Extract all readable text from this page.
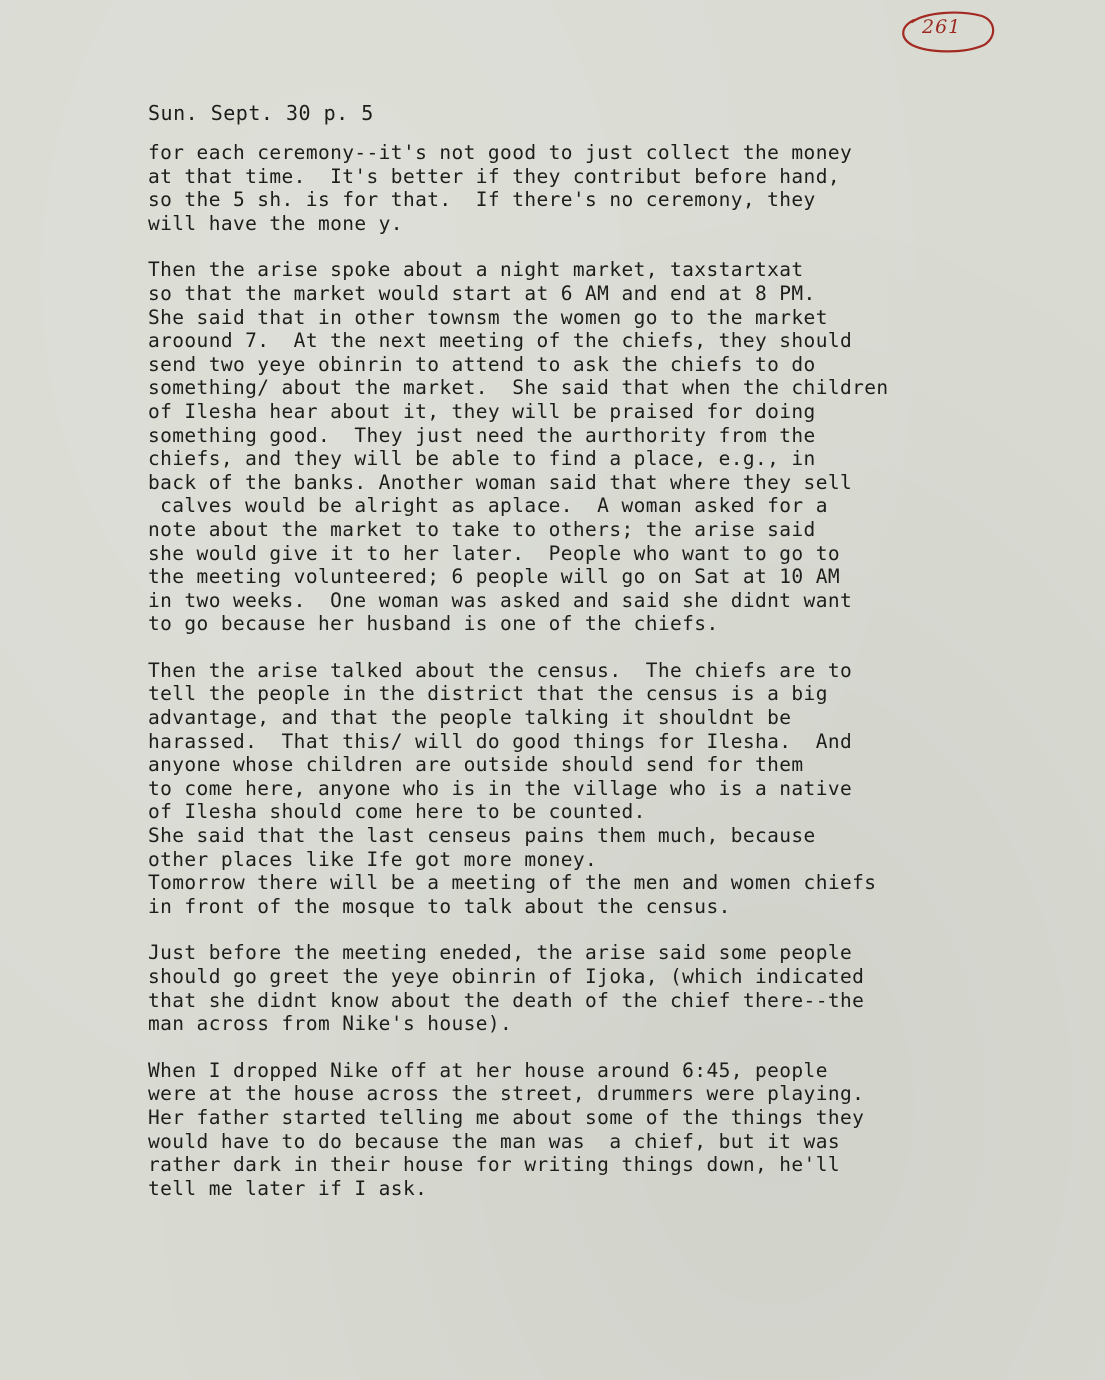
261
Sun. Sept. 30 p. 5
for each ceremony--it's not good to just collect the money
at that time.  It's better if they contribut before hand,
so the 5 sh. is for that.  If there's no ceremony, they
will have the mone y.
Then the arise spoke about a night market, taxstartxat
so that the market would start at 6 AM and end at 8 PM.
She said that in other townsm the women go to the market
aroound 7.  At the next meeting of the chiefs, they should
send two yeye obinrin to attend to ask the chiefs to do
something/ about the market.  She said that when the children
of Ilesha hear about it, they will be praised for doing
something good.  They just need the aurthority from the
chiefs, and they will be able to find a place, e.g., in
back of the banks. Another woman said that where they sell
calves would be alright as aplace.  A woman asked for a
note about the market to take to others; the arise said
she would give it to her later.  People who want to go to
the meeting volunteered; 6 people will go on Sat at 10 AM
in two weeks.  One woman was asked and said she didnt want
to go because her husband is one of the chiefs.
Then the arise talked about the census.  The chiefs are to
tell the people in the district that the census is a big
advantage, and that the people talking it shouldnt be
harassed.  That this/ will do good things for Ilesha.  And
anyone whose children are outside should send for them
to come here, anyone who is in the village who is a native
of Ilesha should come here to be counted.
She said that the last censeus pains them much, because
other places like Ife got more money.
Tomorrow there will be a meeting of the men and women chiefs
in front of the mosque to talk about the census.
Just before the meeting eneded, the arise said some people
should go greet the yeye obinrin of Ijoka, (which indicated
that she didnt know about the death of the chief there--the
man across from Nike's house).
When I dropped Nike off at her house around 6:45, people
were at the house across the street, drummers were playing.
Her father started telling me about some of the things they
would have to do because the man was  a chief, but it was
rather dark in their house for writing things down, he'll
tell me later if I ask.
